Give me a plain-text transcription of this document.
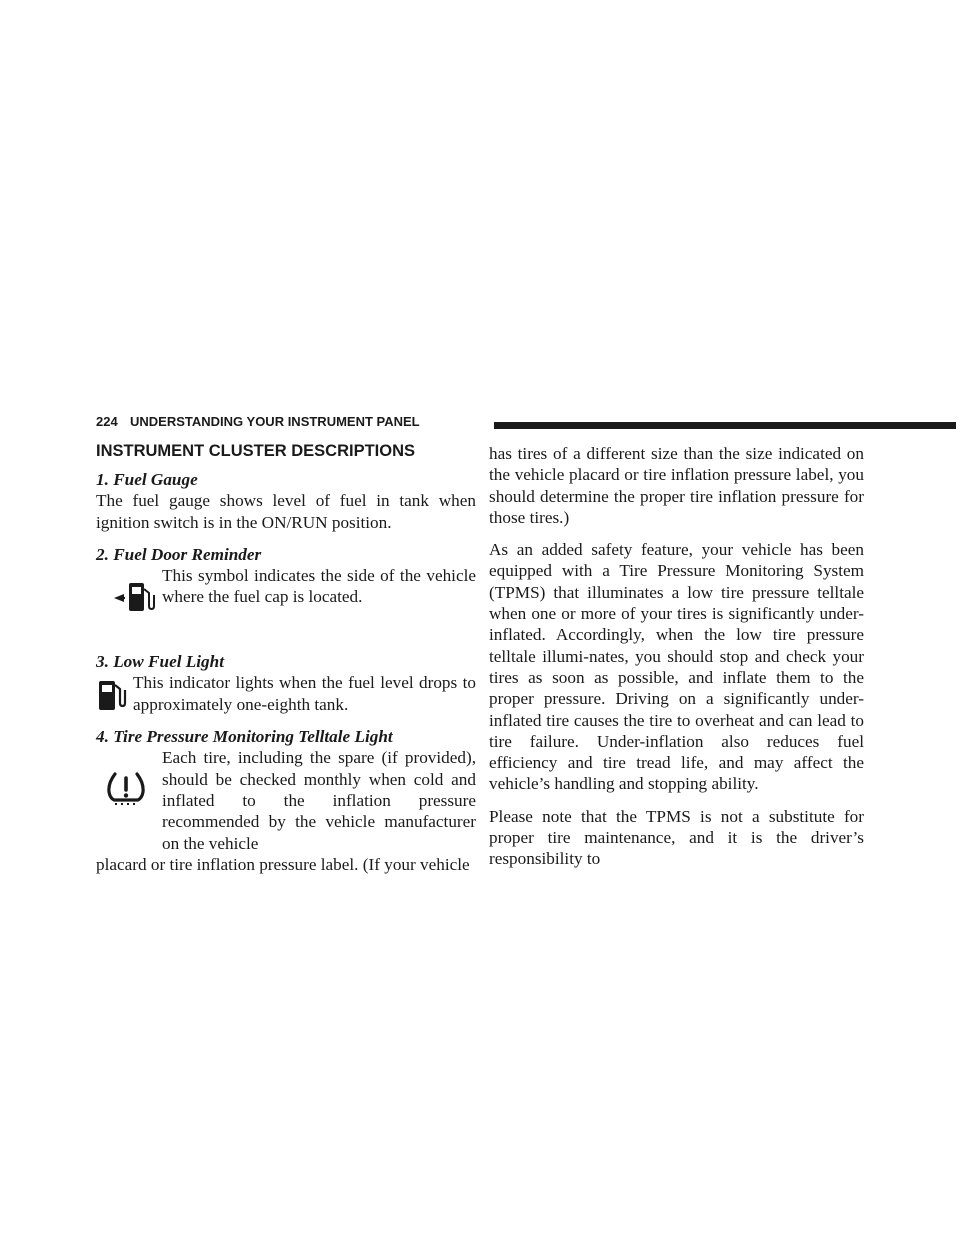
224 UNDERSTANDING YOUR INSTRUMENT PANEL
INSTRUMENT CLUSTER DESCRIPTIONS

1. Fuel Gauge

The fuel gauge shows level of fuel in tank when ignition switch is in the ON/RUN position.

2. Fuel Door Reminder

This symbol indicates the side of the vehicle where the fuel cap is located.

3. Low Fuel Light

This indicator lights when the fuel level drops to approximately one-eighth tank.

4. Tire Pressure Monitoring Telltale Light

Each tire, including the spare (if provided), should be checked monthly when cold and inflated to the inflation pressure recommended by the vehicle manufacturer on the vehicle

placard or tire inflation pressure label. (If your vehicle

has tires of a different size than the size indicated on the vehicle placard or tire inflation pressure label, you should determine the proper tire inflation pressure for those tires.)

As an added safety feature, your vehicle has been equipped with a Tire Pressure Monitoring System (TPMS) that illuminates a low tire pressure telltale when one or more of your tires is significantly under-inflated. Accordingly, when the low tire pressure telltale illumi-nates, you should stop and check your tires as soon as possible, and inflate them to the proper pressure. Driving on a significantly under-inflated tire causes the tire to overheat and can lead to tire failure. Under-inflation also reduces fuel efficiency and tire tread life, and may affect the vehicle’s handling and stopping ability.

Please note that the TPMS is not a substitute for proper tire maintenance, and it is the driver’s responsibility to
